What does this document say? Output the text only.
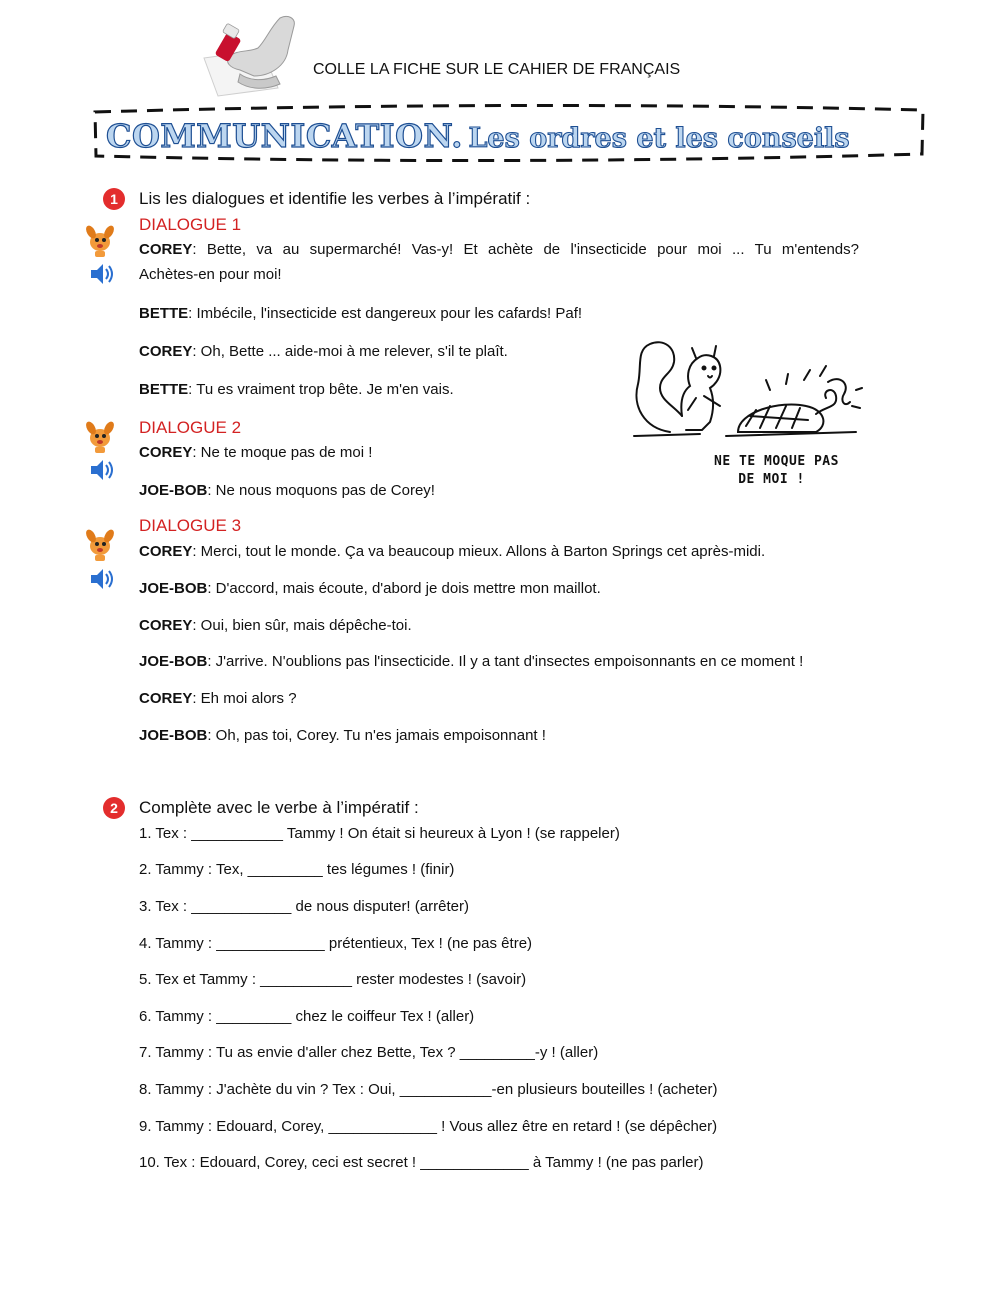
COLLE LA FICHE SUR LE CAHIER DE FRANÇAIS
COMMUNICATION. Les ordres et les conseils
1	Lis les dialogues et identifie les verbes à l’impératif :
DIALOGUE 1
COREY: Bette, va au supermarché! Vas-y! Et achète de l'insecticide pour moi ... Tu m'entends?
Achètes-en pour moi!
BETTE: Imbécile, l'insecticide est dangereux pour les cafards! Paf!
COREY: Oh, Bette ... aide-moi à me relever, s'il te plaît.
BETTE: Tu es vraiment trop bête. Je m'en vais.
NE TE MOQUE PAS
DE MOI !
DIALOGUE 2
COREY: Ne te moque pas de moi !
JOE-BOB: Ne nous moquons pas de Corey!
DIALOGUE 3
COREY: Merci, tout le monde. Ça va beaucoup mieux. Allons à Barton Springs cet après-midi.
JOE-BOB: D'accord, mais écoute, d'abord je dois mettre mon maillot.
COREY: Oui, bien sûr, mais dépêche-toi.
JOE-BOB: J'arrive. N'oublions pas l'insecticide. Il y a tant d'insectes empoisonnants en ce moment !
COREY: Eh moi alors ?
JOE-BOB: Oh, pas toi, Corey. Tu n'es jamais empoisonnant !
2	Complète avec le verbe à l’impératif :
1. Tex : ___________ Tammy ! On était si heureux à Lyon ! (se rappeler)
2. Tammy : Tex, _________ tes légumes ! (finir)
3. Tex : ____________ de nous disputer! (arrêter)
4. Tammy : _____________ prétentieux, Tex ! (ne pas être)
5. Tex et Tammy : ___________ rester modestes ! (savoir)
6. Tammy : _________ chez le coiffeur Tex ! (aller)
7. Tammy : Tu as envie d'aller chez Bette, Tex ? _________-y ! (aller)
8. Tammy : J'achète du vin ? Tex : Oui, ___________-en plusieurs bouteilles ! (acheter)
9. Tammy : Edouard, Corey, _____________ ! Vous allez être en retard ! (se dépêcher)
10. Tex : Edouard, Corey, ceci est secret ! _____________ à Tammy ! (ne pas parler)
